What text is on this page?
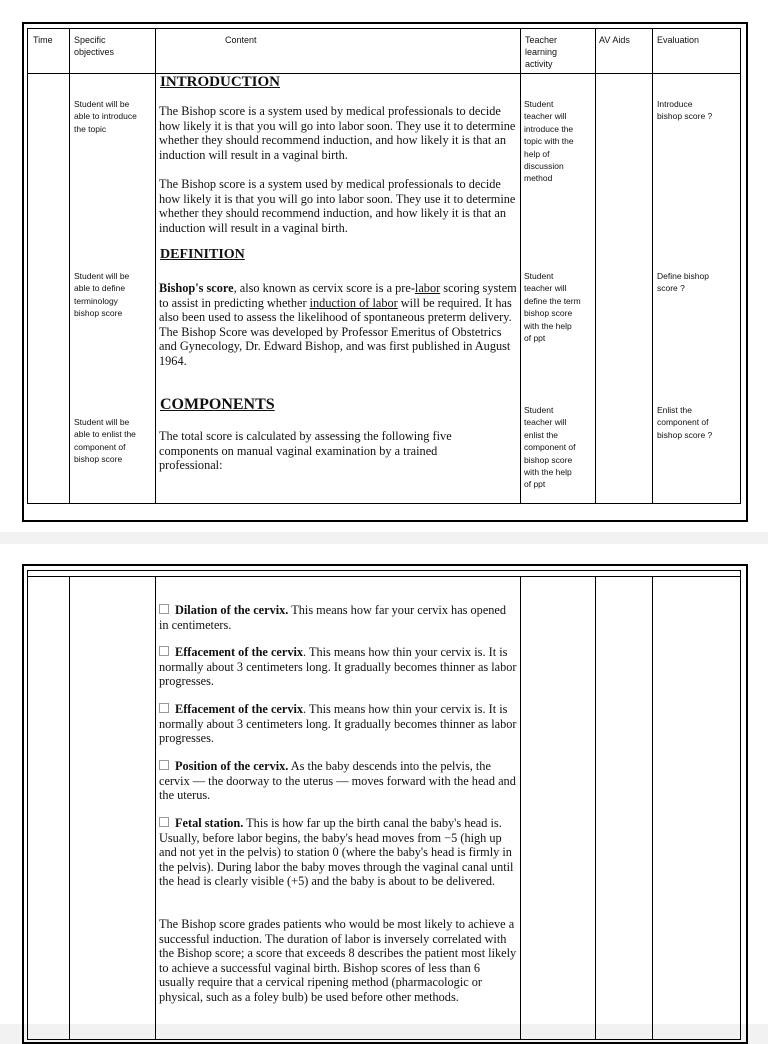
Time Specific
objectives
Content	Teacher
learning
activity
AV Aids	Evaluation
INTRODUCTION
Student will be
able to introduce
the topic
The Bishop score is a system used by medical professionals to decide how likely it is that you will go into labor soon. They use it to determine whether they should recommend induction, and how likely it is that an induction will result in a vaginal birth.
The Bishop score is a system used by medical professionals to decide how likely it is that you will go into labor soon. They use it to determine whether they should recommend induction, and how likely it is that an induction will result in a vaginal birth.
Student
teacher will
introduce the
topic with the
help of
discussion
method
Introduce
bishop score ?
DEFINITION
Student will be
able to define
terminology
bishop score
Bishop's score, also known as cervix score is a pre-labor scoring system to assist in predicting whether induction of labor will be required. It has also been used to assess the likelihood of spontaneous preterm delivery. The Bishop Score was developed by Professor Emeritus of Obstetrics and Gynecology, Dr. Edward Bishop, and was first published in August 1964.
Student
teacher will
define the term
bishop score
with the help
of ppt
Define bishop
score ?
COMPONENTS
Student will be
able to enlist the
component of
bishop score
The total score is calculated by assessing the following five components on manual vaginal examination by a trained professional:
Student
teacher will
enlist the
component of
bishop score
with the help
of ppt
Enlist the
component of
bishop score ?
Dilation of the cervix. This means how far your cervix has opened in centimeters.
Effacement of the cervix. This means how thin your cervix is. It is normally about 3 centimeters long. It gradually becomes thinner as labor progresses.
Effacement of the cervix. This means how thin your cervix is. It is normally about 3 centimeters long. It gradually becomes thinner as labor progresses.
Position of the cervix. As the baby descends into the pelvis, the cervix — the doorway to the uterus — moves forward with the head and the uterus.
Fetal station. This is how far up the birth canal the baby's head is. Usually, before labor begins, the baby's head moves from −5 (high up and not yet in the pelvis) to station 0 (where the baby's head is firmly in the pelvis). During labor the baby moves through the vaginal canal until the head is clearly visible (+5) and the baby is about to be delivered.
The Bishop score grades patients who would be most likely to achieve a successful induction. The duration of labor is inversely correlated with the Bishop score; a score that exceeds 8 describes the patient most likely to achieve a successful vaginal birth. Bishop scores of less than 6 usually require that a cervical ripening method (pharmacologic or physical, such as a foley bulb) be used before other methods.
